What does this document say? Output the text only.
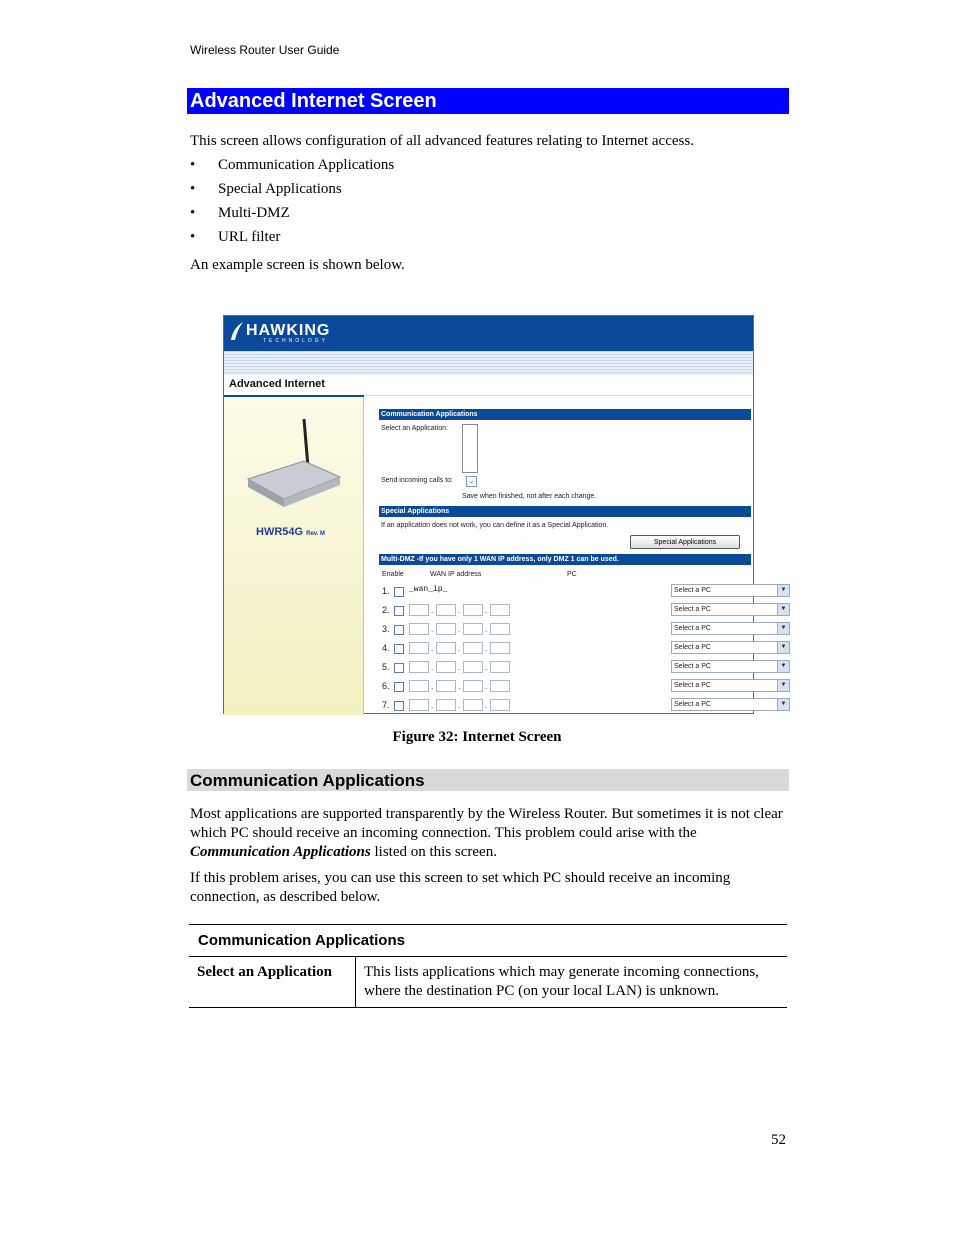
Wireless Router User Guide
Advanced Internet Screen
This screen allows configuration of all advanced features relating to Internet access.
• Communication Applications
• Special Applications
• Multi-DMZ
• URL filter
An example screen is shown below.
HAWKING
TECHNOLOGY
Advanced Internet
HWR54G Rev. M
Communication Applications
Select an Application:
Send incoming calls to:	⌄
Save when finished, not after each change.
Special Applications
If an application does not work, you can define it as a Special Application.
Special Applications
Multi-DMZ -If you have only 1 WAN IP address, only DMZ 1 can be used.
Enable	WAN IP address	PC
1. _wan_ip_	Select a PC	▼
2.	.	.	.	Select a PC	▼
3.	.	.	.	Select a PC	▼
4.	.	.	.	Select a PC	▼
5.	.	.	.	Select a PC	▼
6.	.	.	.	Select a PC	▼
7.	.	.	.	Select a PC	▼
Figure 32: Internet Screen
Communication Applications
Most applications are supported transparently by the Wireless Router. But sometimes it is not clear which PC should receive an incoming connection. This problem could arise with the Communication Applications listed on this screen.
If this problem arises, you can use this screen to set which PC should receive an incoming connection, as described below.
Communication Applications
Select an Application	This lists applications which may generate incoming connections, where the destination PC (on your local LAN) is unknown.
52
